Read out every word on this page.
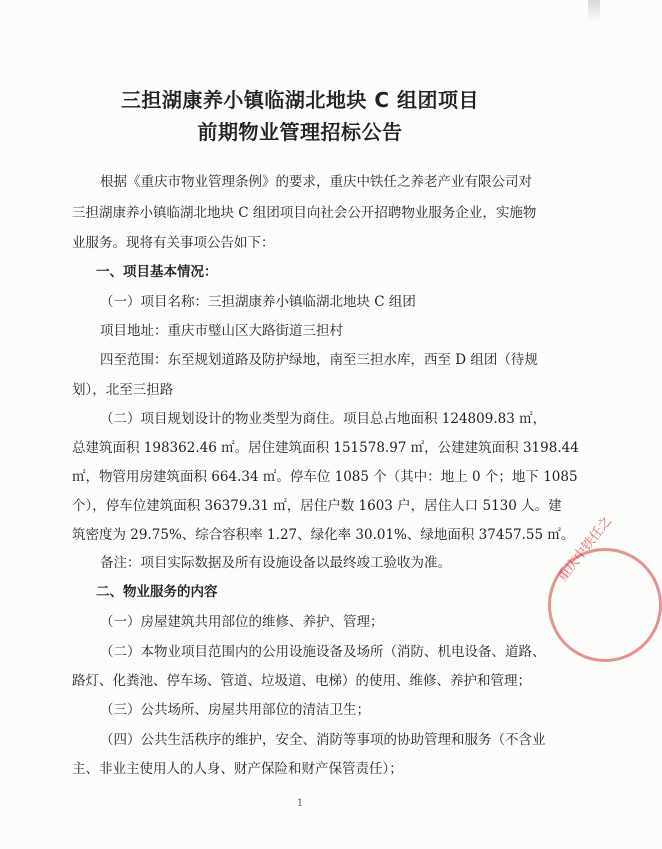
三担湖康养小镇临湖北地块 C 组团项目
前期物业管理招标公告
根据《重庆市物业管理条例》的要求，重庆中铁任之养老产业有限公司对
三担湖康养小镇临湖北地块 C 组团项目向社会公开招聘物业服务企业，实施物
业服务。现将有关事项公告如下：
一、项目基本情况：
（一）项目名称：三担湖康养小镇临湖北地块 C 组团
项目地址：重庆市璧山区大路街道三担村
四至范围：东至规划道路及防护绿地，南至三担水库，西至 D 组团（待规
划），北至三担路
（二）项目规划设计的物业类型为商住。项目总占地面积 124809.83 ㎡，
总建筑面积 198362.46 ㎡。居住建筑面积 151578.97 ㎡，公建建筑面积 3198.44
㎡，物管用房建筑面积 664.34 ㎡。停车位 1085 个（其中：地上 0 个；地下 1085
个），停车位建筑面积 36379.31 ㎡，居住户数 1603 户，居住人口 5130 人。建
筑密度为 29.75%、综合容积率 1.27、绿化率 30.01%、绿地面积 37457.55 ㎡。
备注：项目实际数据及所有设施设备以最终竣工验收为准。
二、物业服务的内容
（一）房屋建筑共用部位的维修、养护、管理；
（二）本物业项目范围内的公用设施设备及场所（消防、机电设备、道路、
路灯、化粪池、停车场、管道、垃圾道、电梯）的使用、维修、养护和管理；
（三）公共场所、房屋共用部位的清洁卫生；
（四）公共生活秩序的维护，安全、消防等事项的协助管理和服务（不含业
主、非业主使用人的人身、财产保险和财产保管责任）；
1
重庆中铁任之
